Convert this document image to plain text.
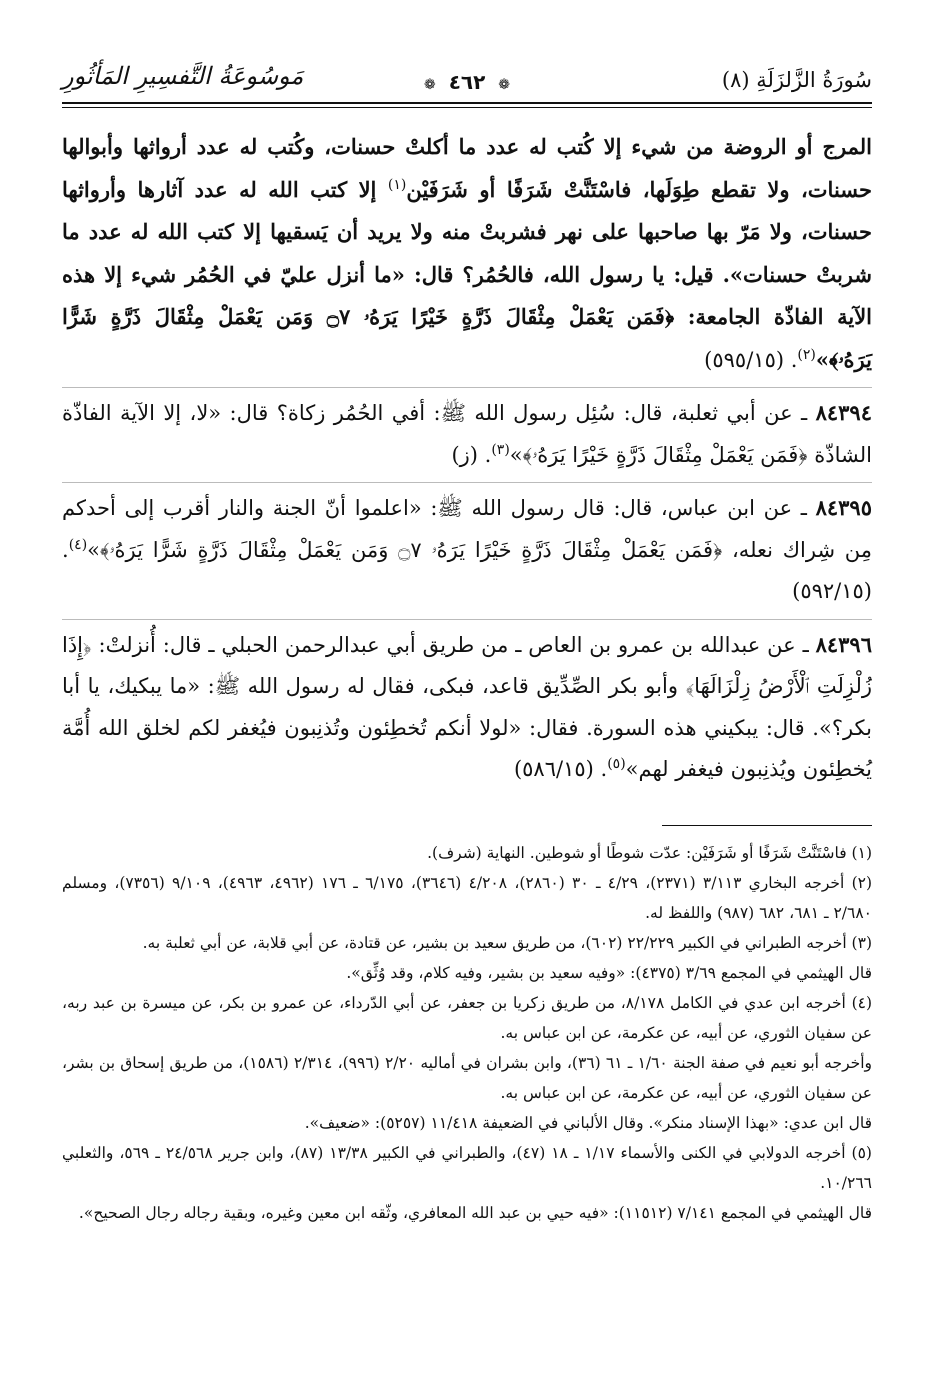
سُورَةُ الزَّلزَلَةِ (٨)
❁ ٤٦٢ ❁
مَوسُوعَةُ التَّفسِيرِ المَأثُورِ

المرج أو الروضة من شيء إلا كُتب له عدد ما أكلتْ حسنات، وكُتب له عدد أرواثها وأبوالها حسنات، ولا تقطع طِوَلَها، فاسْتَنَّتْ شَرَفًا أو شَرَفَيْن$^{(١)}$ إلا كتب الله له عدد آثارها وأرواثها حسنات، ولا مَرّ بها صاحبها على نهر فشربتْ منه ولا يريد أن يَسقيها إلا كتب الله له عدد ما شربتْ حسنات». قيل: يا رسول الله، فالحُمُر؟ قال: «ما أنزل عليّ في الحُمُر شيء إلا هذه الآية الفاذّة الجامعة: ﴿فَمَن يَعْمَلْ مِثْقَالَ ذَرَّةٍ خَيْرًا يَرَهُۥ ۝٧ وَمَن يَعْمَلْ مِثْقَالَ ذَرَّةٍ شَرًّا يَرَهُۥ﴾»$^{(٢)}$. (٥٩٥/١٥)

٨٤٣٩٤ ـ عن أبي ثعلبة، قال: سُئِل رسول الله ﷺ: أفي الحُمُر زكاة؟ قال: «لا، إلا الآية الفاذّة الشاذّة ﴿فَمَن يَعْمَلْ مِثْقَالَ ذَرَّةٍ خَيْرًا يَرَهُۥ﴾»$^{(٣)}$. (ز)

٨٤٣٩٥ ـ عن ابن عباس، قال: قال رسول الله ﷺ: «اعلموا أنّ الجنة والنار أقرب إلى أحدكم مِن شِراك نعله، ﴿فَمَن يَعْمَلْ مِثْقَالَ ذَرَّةٍ خَيْرًا يَرَهُۥ ۝٧ وَمَن يَعْمَلْ مِثْقَالَ ذَرَّةٍ شَرًّا يَرَهُۥ﴾»$^{(٤)}$. (٥٩٢/١٥)

٨٤٣٩٦ ـ عن عبدالله بن عمرو بن العاص ـ من طريق أبي عبدالرحمن الحبلي ـ قال: أُنزلتْ: ﴿إِذَا زُلْزِلَتِ ٱلْأَرْضُ زِلْزَالَهَا﴾ وأبو بكر الصِّدِّيق قاعد، فبكى، فقال له رسول الله ﷺ: «ما يبكيك، يا أبا بكر؟». قال: يبكيني هذه السورة. فقال: «لولا أنكم تُخطِئون وتُذنِبون فيُغفر لكم لخلق الله أُمَّة يُخطِئون ويُذنِبون فيغفر لهم»$^{(٥)}$. (٥٨٦/١٥)

(١) فاسْتَنَّتْ شَرَفًا أو شَرَفَيْن: عدّت شوطًا أو شوطين. النهاية (شرف).

(٢) أخرجه البخاري ٣/١١٣ (٢٣٧١)، ٤/٢٩ ـ ٣٠ (٢٨٦٠)، ٤/٢٠٨ (٣٦٤٦)، ٦/١٧٥ ـ ١٧٦ (٤٩٦٢، ٤٩٦٣)، ٩/١٠٩ (٧٣٥٦)، ومسلم ٢/٦٨٠ ـ ٦٨١، ٦٨٢ (٩٨٧) واللفظ له.

(٣) أخرجه الطبراني في الكبير ٢٢/٢٢٩ (٦٠٢)، من طريق سعيد بن بشير، عن قتادة، عن أبي قلابة، عن أبي ثعلبة به.

قال الهيثمي في المجمع ٣/٦٩ (٤٣٧٥): «وفيه سعيد بن بشير، وفيه كلام، وقد وُثِّق».

(٤) أخرجه ابن عدي في الكامل ٨/١٧٨، من طريق زكريا بن جعفر، عن أبي الدّرداء، عن عمرو بن بكر، عن ميسرة بن عبد ربه، عن سفيان الثوري، عن أبيه، عن عكرمة، عن ابن عباس به.

وأخرجه أبو نعيم في صفة الجنة ١/٦٠ ـ ٦١ (٣٦)، وابن بشران في أماليه ٢/٢٠ (٩٩٦)، ٢/٣١٤ (١٥٨٦)، من طريق إسحاق بن بشر، عن سفيان الثوري، عن أبيه، عن عكرمة، عن ابن عباس به.

قال ابن عدي: «بهذا الإسناد منكر». وقال الألباني في الضعيفة ١١/٤١٨ (٥٢٥٧): «ضعيف».

(٥) أخرجه الدولابي في الكنى والأسماء ١/١٧ ـ ١٨ (٤٧)، والطبراني في الكبير ١٣/٣٨ (٨٧)، وابن جرير ٢٤/٥٦٨ ـ ٥٦٩، والثعلبي ١٠/٢٦٦.

قال الهيثمي في المجمع ٧/١٤١ (١١٥١٢): «فيه حيي بن عبد الله المعافري، وثّقه ابن معين وغيره، وبقية رجاله رجال الصحيح».
